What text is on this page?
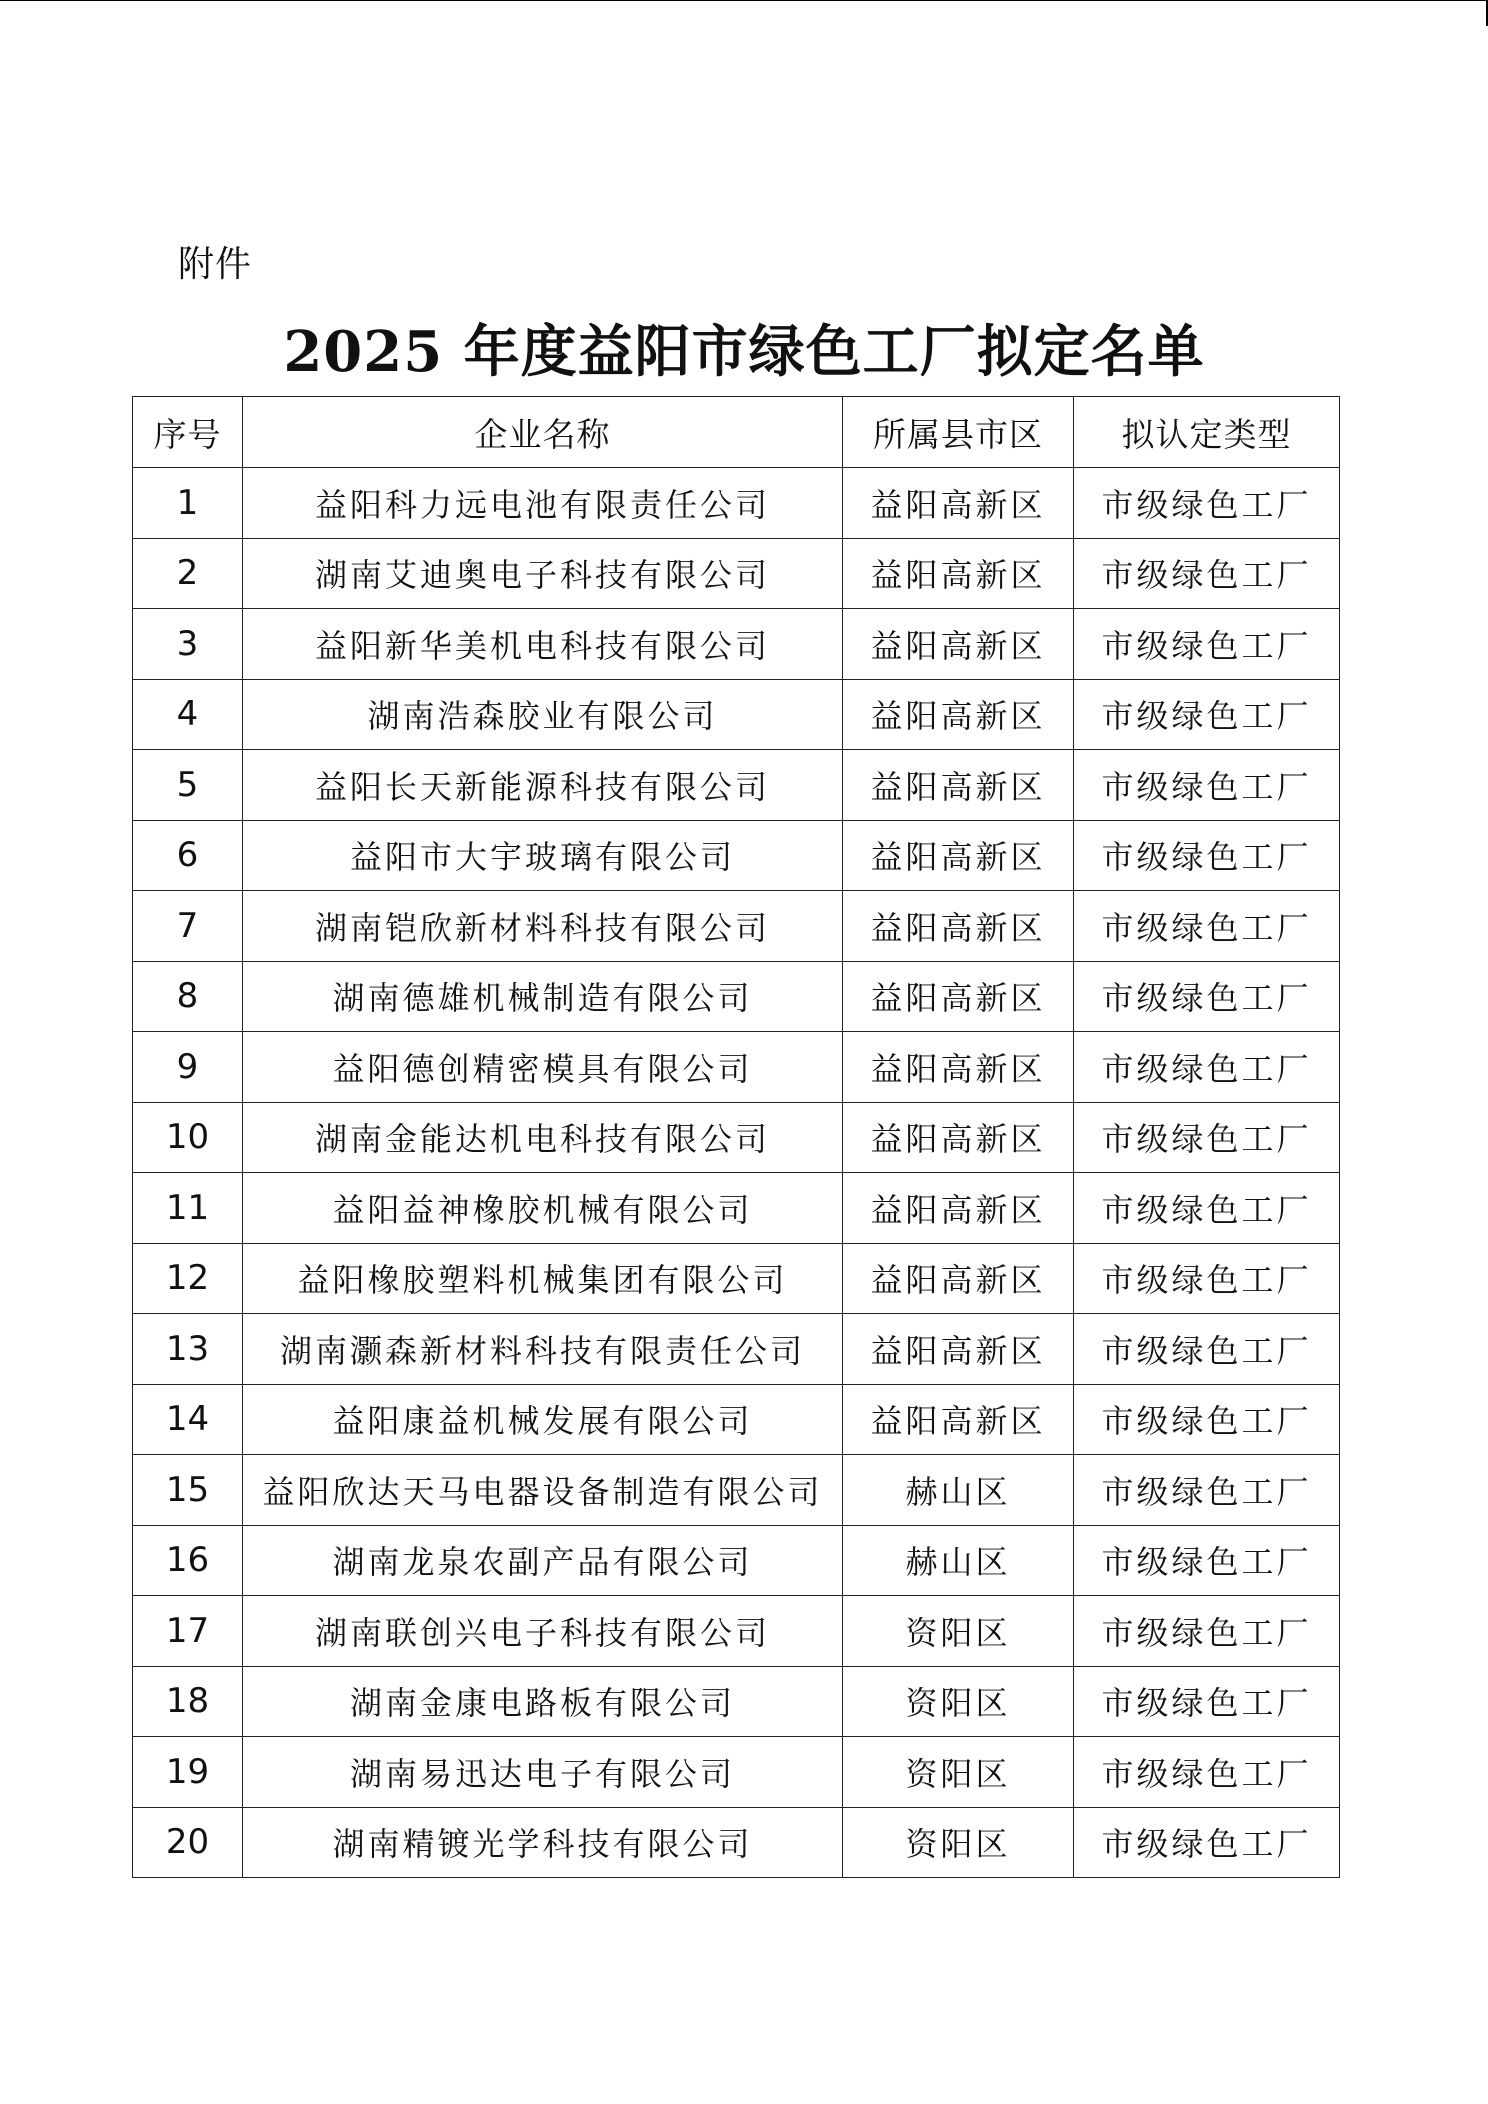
附件
2025 年度益阳市绿色工厂拟定名单
序号	企业名称	所属县市区	拟认定类型
1	益阳科力远电池有限责任公司	益阳高新区	市级绿色工厂
2	湖南艾迪奥电子科技有限公司	益阳高新区	市级绿色工厂
3	益阳新华美机电科技有限公司	益阳高新区	市级绿色工厂
4	湖南浩森胶业有限公司	益阳高新区	市级绿色工厂
5	益阳长天新能源科技有限公司	益阳高新区	市级绿色工厂
6	益阳市大宇玻璃有限公司	益阳高新区	市级绿色工厂
7	湖南铠欣新材料科技有限公司	益阳高新区	市级绿色工厂
8	湖南德雄机械制造有限公司	益阳高新区	市级绿色工厂
9	益阳德创精密模具有限公司	益阳高新区	市级绿色工厂
10	湖南金能达机电科技有限公司	益阳高新区	市级绿色工厂
11	益阳益神橡胶机械有限公司	益阳高新区	市级绿色工厂
12	益阳橡胶塑料机械集团有限公司	益阳高新区	市级绿色工厂
13	湖南灏森新材料科技有限责任公司	益阳高新区	市级绿色工厂
14	益阳康益机械发展有限公司	益阳高新区	市级绿色工厂
15	益阳欣达天马电器设备制造有限公司	赫山区	市级绿色工厂
16	湖南龙泉农副产品有限公司	赫山区	市级绿色工厂
17	湖南联创兴电子科技有限公司	资阳区	市级绿色工厂
18	湖南金康电路板有限公司	资阳区	市级绿色工厂
19	湖南易迅达电子有限公司	资阳区	市级绿色工厂
20	湖南精镀光学科技有限公司	资阳区	市级绿色工厂
